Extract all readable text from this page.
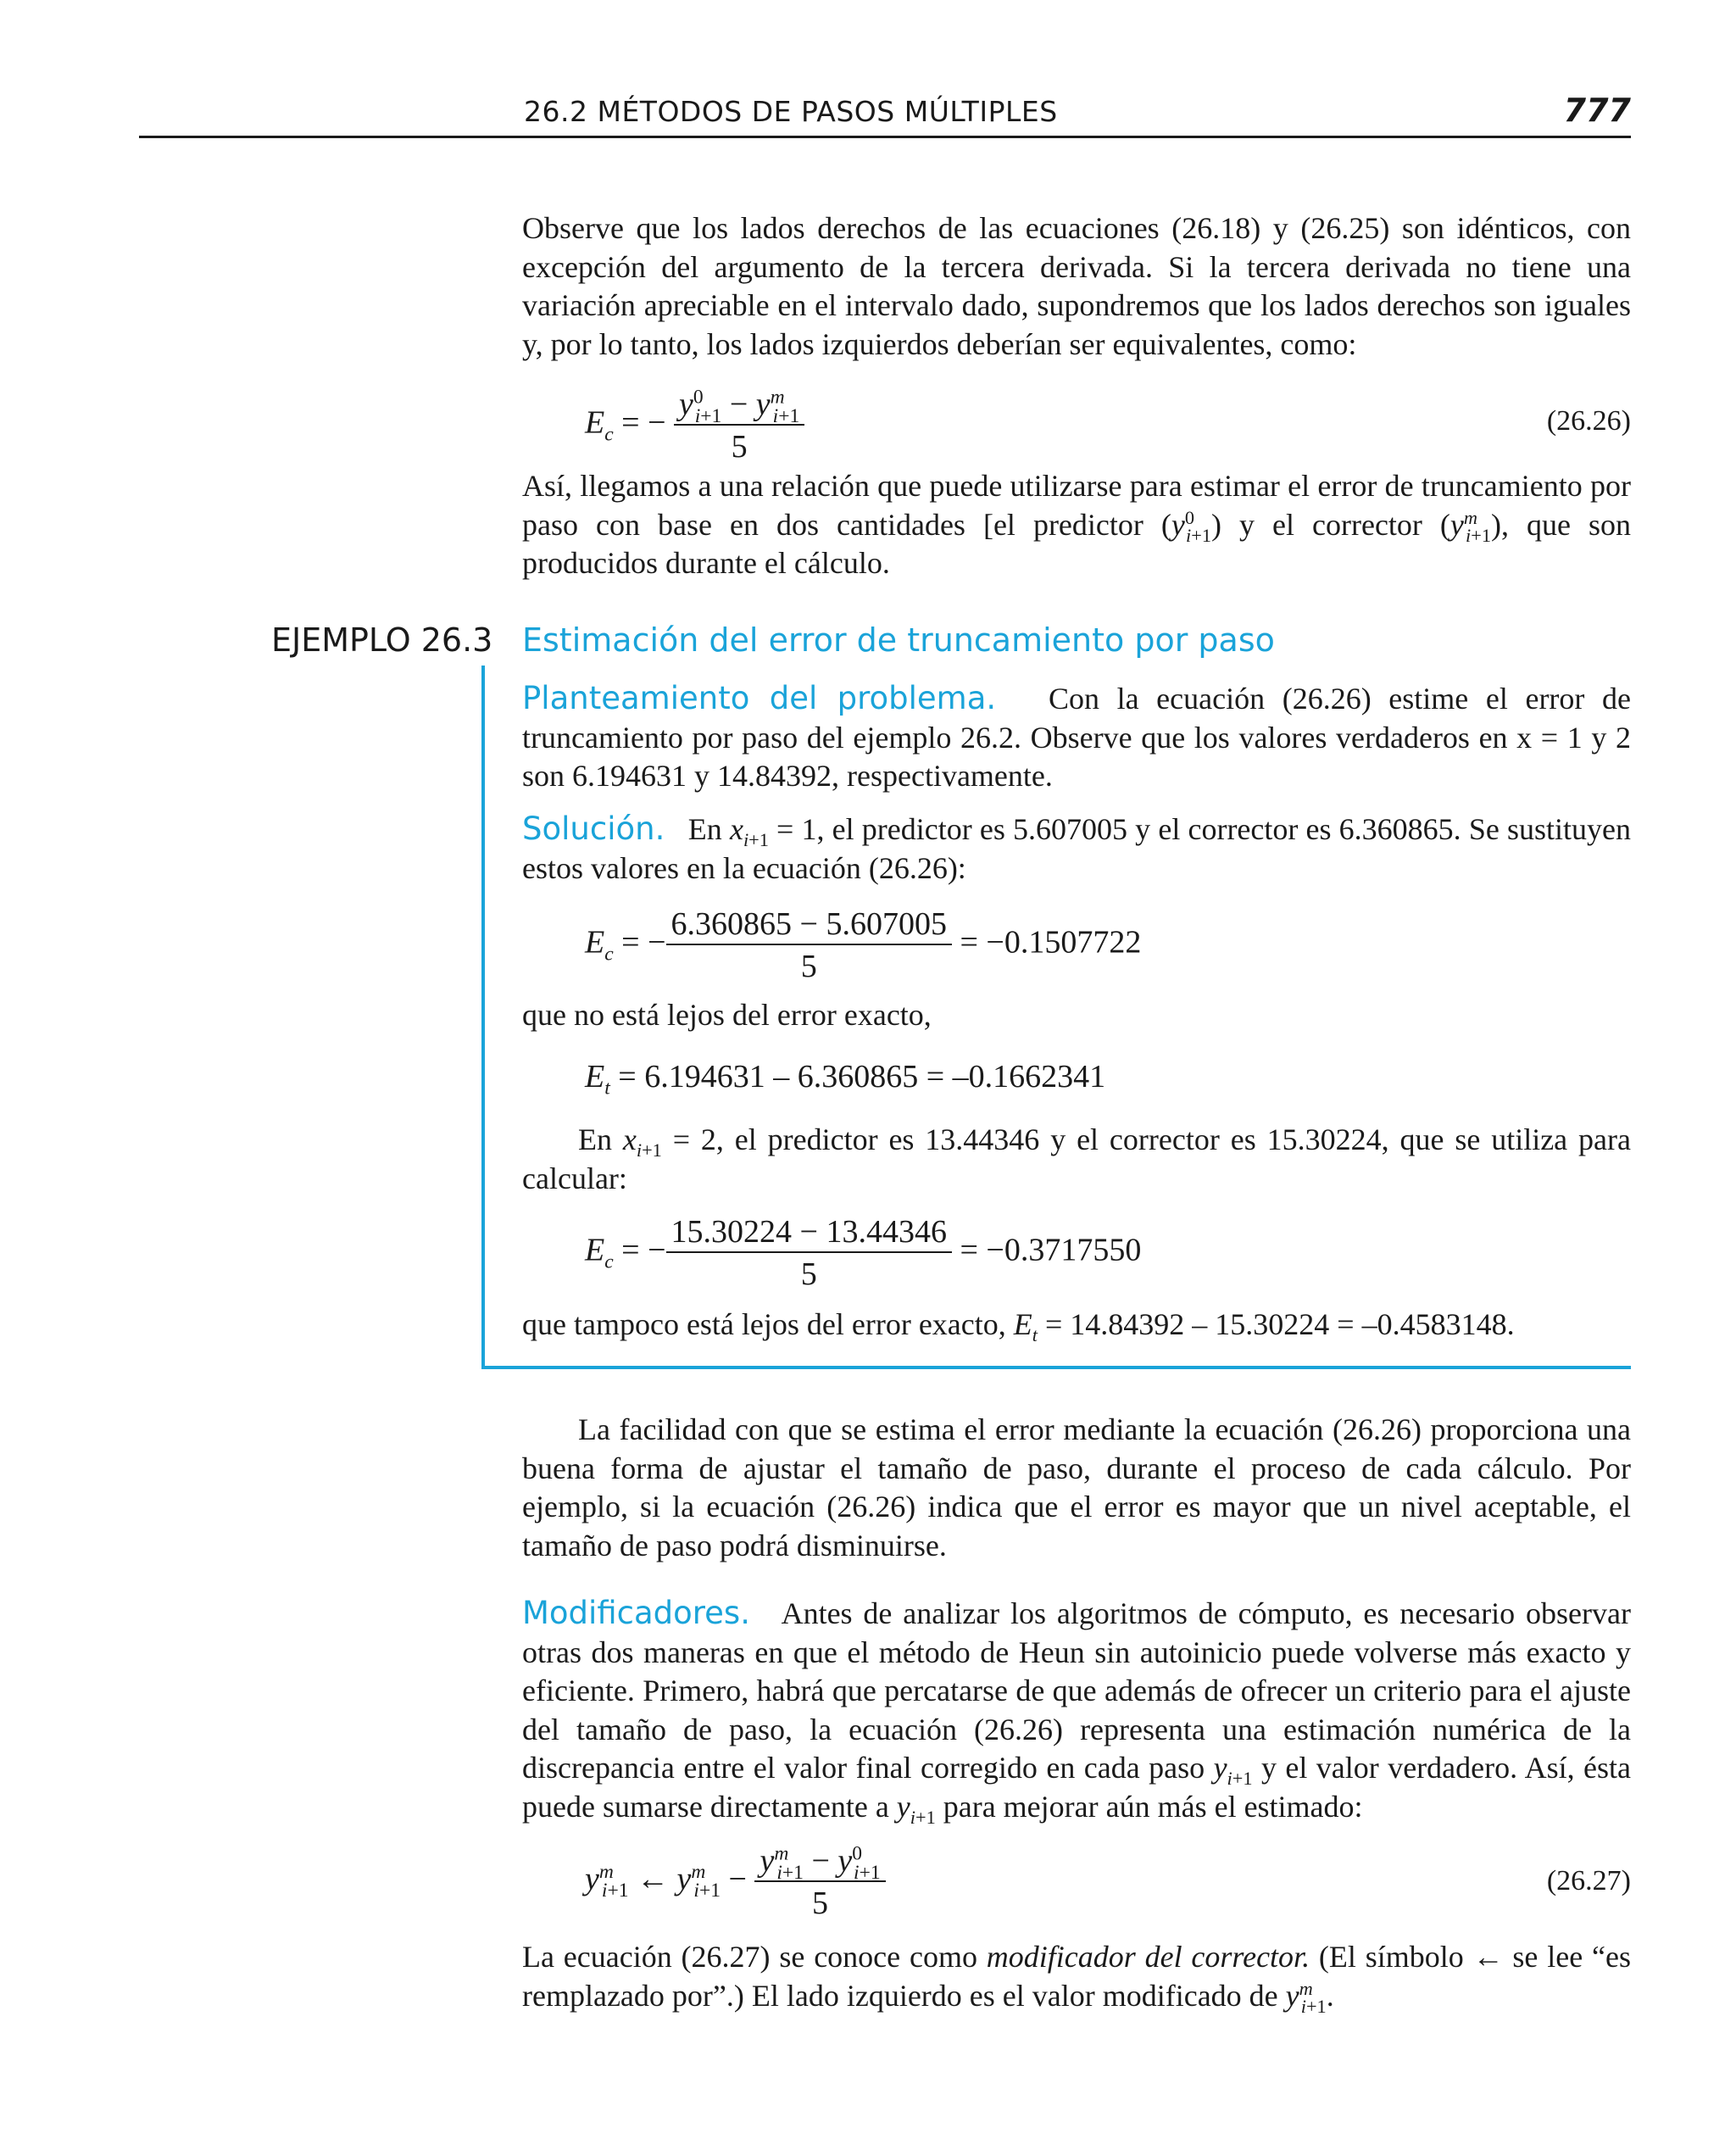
26.2 MÉTODOS DE PASOS MÚLTIPLES	777
Observe que los lados derechos de las ecuaciones (26.18) y (26.25) son idénticos, con excepción del argumento de la tercera derivada. Si la tercera derivada no tiene una variación apreciable en el intervalo dado, supondremos que los lados derechos son iguales y, por lo tanto, los lados izquierdos deberían ser equivalentes, como:
$E_c$ = − $\frac{y^0_{i+1} - y^m_{i+1}}{5}$	(26.26)
Así, llegamos a una relación que puede utilizarse para estimar el error de truncamiento por paso con base en dos cantidades [el predictor $(y^0_{i+1})$ y el corrector $(y^m_{i+1})$, que son producidos durante el cálculo.
EJEMPLO 26.3 Estimación del error de truncamiento por paso
Planteamiento del problema. Con la ecuación (26.26) estime el error de truncamiento por paso del ejemplo 26.2. Observe que los valores verdaderos en x = 1 y 2 son 6.194631 y 14.84392, respectivamente.
Solución. En $x_{i+1} = 1$, el predictor es 5.607005 y el corrector es 6.360865. Se sustituyen estos valores en la ecuación (26.26):
$E_c$ = − $\frac{6.360865 - 5.607005}{5} = -0.1507722$
que no está lejos del error exacto,
$E_t = 6.194631 - 6.360865 = -0.1662341$
En $x_{i+1} = 2$, el predictor es 13.44346 y el corrector es 15.30224, que se utiliza para calcular:
$E_c$ = − $\frac{15.30224 - 13.44346}{5} = -0.3717550$
que tampoco está lejos del error exacto, $E_t = 14.84392 - 15.30224 = -0.4583148$.
La facilidad con que se estima el error mediante la ecuación (26.26) proporciona una buena forma de ajustar el tamaño de paso, durante el proceso de cada cálculo. Por ejemplo, si la ecuación (26.26) indica que el error es mayor que un nivel aceptable, el tamaño de paso podrá disminuirse.
Modificadores. Antes de analizar los algoritmos de cómputo, es necesario observar otras dos maneras en que el método de Heun sin autoinicio puede volverse más exacto y eficiente. Primero, habrá que percatarse de que además de ofrecer un criterio para el ajuste del tamaño de paso, la ecuación (26.26) representa una estimación numérica de la discrepancia entre el valor final corregido en cada paso $y_{i+1}$ y el valor verdadero. Así, ésta puede sumarse directamente a $y_{i+1}$ para mejorar aún más el estimado:
$y^m_{i+1}$ ← $y^m_{i+1} - \frac{y^m_{i+1} - y^0_{i+1}}{5}$	(26.27)
La ecuación (26.27) se conoce como modificador del corrector. (El símbolo ← se lee “es remplazado por”.) El lado izquierdo es el valor modificado de $y^m_{i+1}$.
